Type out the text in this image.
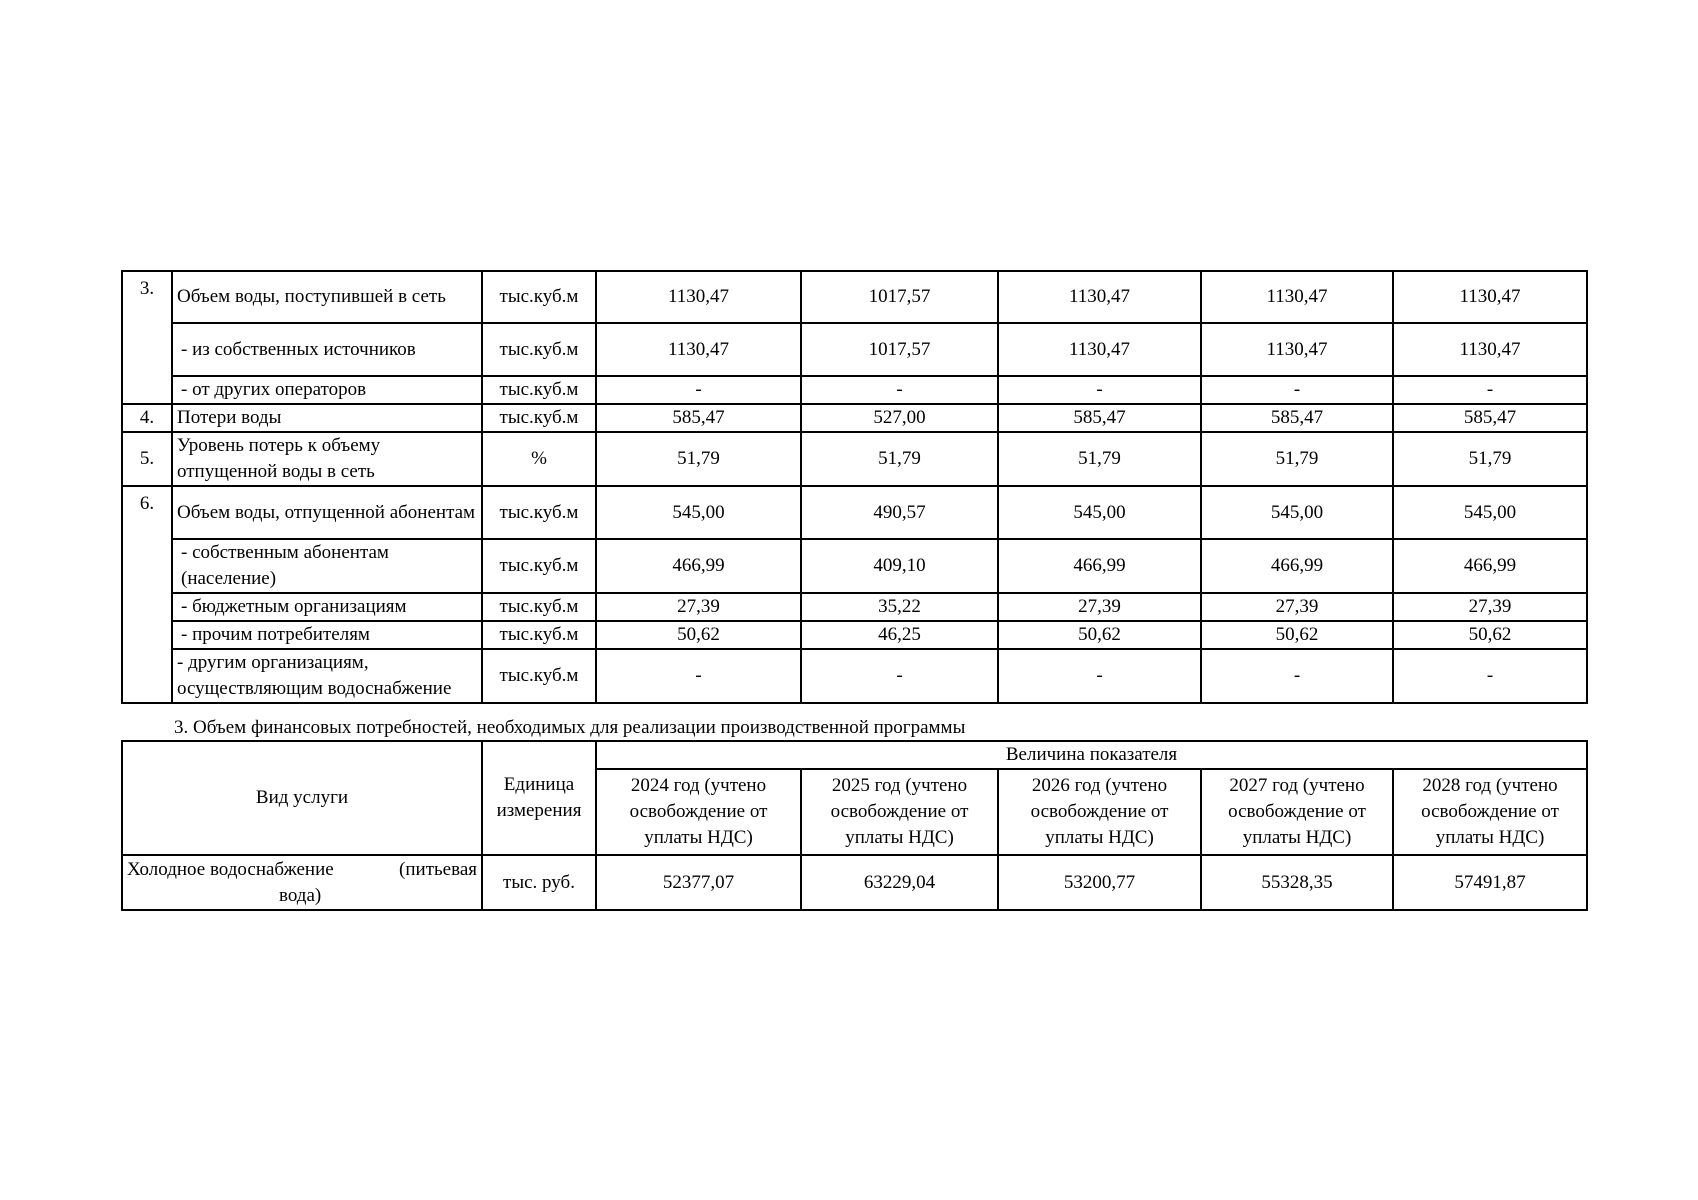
3.	Объем воды, поступившей в сеть	тыс.куб.м	1130,47	1017,57	1130,47	1130,47	1130,47
	- из собственных источников	тыс.куб.м	1130,47	1017,57	1130,47	1130,47	1130,47
	- от других операторов	тыс.куб.м	-	-	-	-	-
4.	Потери воды	тыс.куб.м	585,47	527,00	585,47	585,47	585,47
5.	Уровень потерь к объему отпущенной воды в сеть	%	51,79	51,79	51,79	51,79	51,79
6.	Объем воды, отпущенной абонентам	тыс.куб.м	545,00	490,57	545,00	545,00	545,00
	- собственным абонентам (население)	тыс.куб.м	466,99	409,10	466,99	466,99	466,99
	- бюджетным организациям	тыс.куб.м	27,39	35,22	27,39	27,39	27,39
	- прочим потребителям	тыс.куб.м	50,62	46,25	50,62	50,62	50,62
	- другим организациям, осуществляющим водоснабжение	тыс.куб.м	-	-	-	-	-
3. Объем финансовых потребностей, необходимых для реализации производственной программы
Вид услуги	Единица измерения	Величина показателя				
		2024 год (учтено освобождение от уплаты НДС)	2025 год (учтено освобождение от уплаты НДС)	2026 год (учтено освобождение от уплаты НДС)	2027 год (учтено освобождение от уплаты НДС)	2028 год (учтено освобождение от уплаты НДС)

Холодное водоснабжение (питьевая
вода)	тыс. руб.	52377,07	63229,04	53200,77	55328,35	57491,87
